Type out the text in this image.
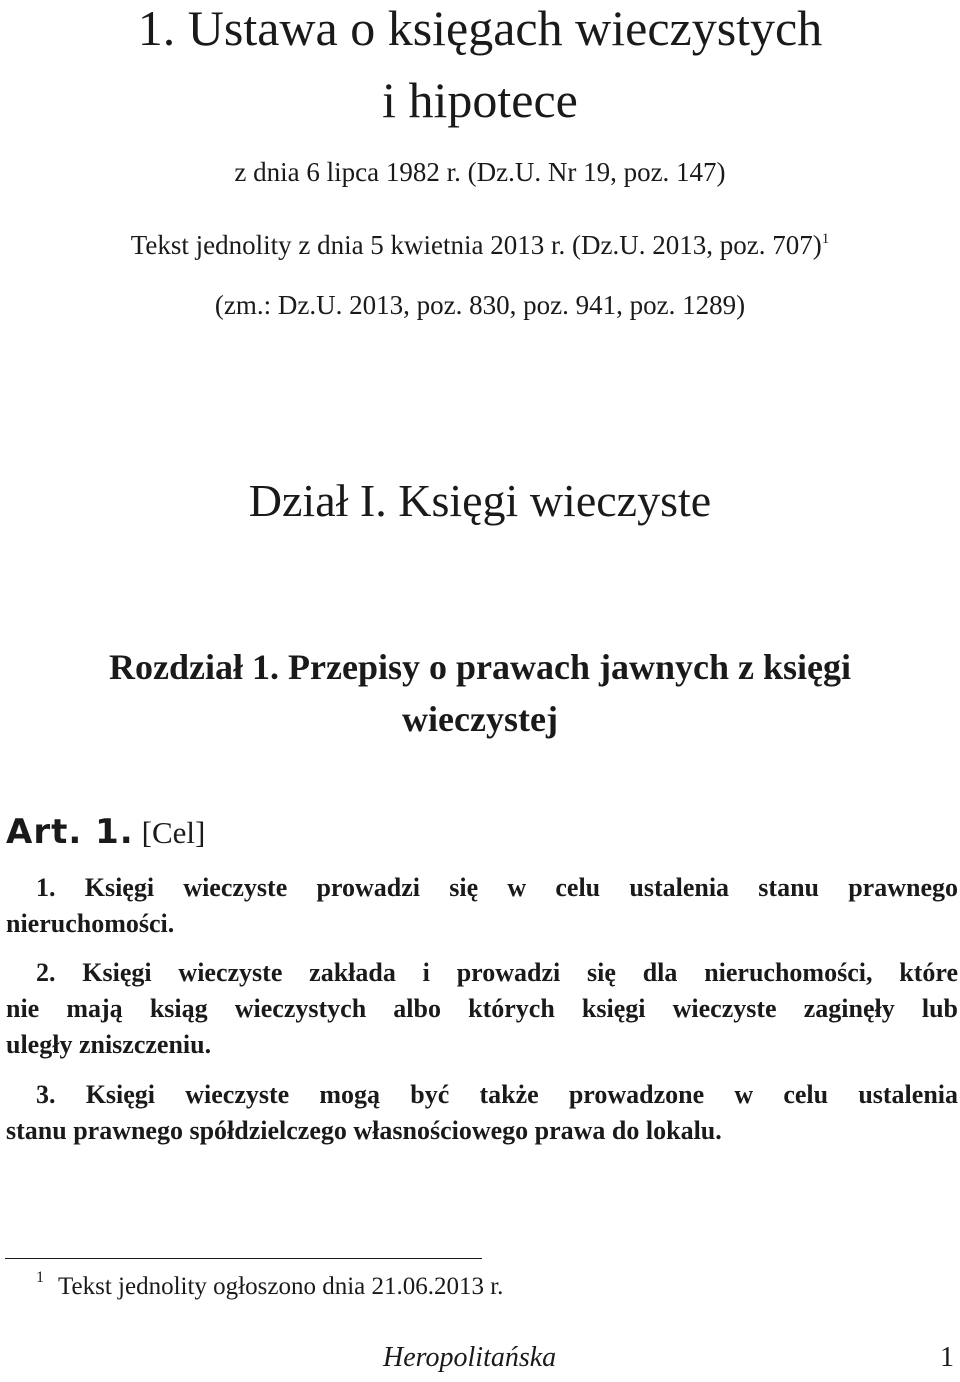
1. Ustawa o księgach wieczystych
i hipotece

z dnia 6 lipca 1982 r. (Dz.U. Nr 19, poz. 147)

Tekst jednolity z dnia 5 kwietnia 2013 r. (Dz.U. 2013, poz. 707)$^1$

(zm.: Dz.U. 2013, poz. 830, poz. 941, poz. 1289)

Dział I. Księgi wieczyste
Rozdział 1. Przepisy o prawach jawnych z księgi
wieczystej

Art. 1. [Cel]

1. Księgi wieczyste prowadzi się w celu ustalenia stanu prawnego
nieruchomości.

2. Księgi wieczyste zakłada i prowadzi się dla nieruchomości, które
nie mają ksiąg wieczystych albo których księgi wieczyste zaginęły lub
uległy zniszczeniu.

3. Księgi wieczyste mogą być także prowadzone w celu ustalenia
stanu prawnego spółdzielczego własnościowego prawa do lokalu.

$^1$ Tekst jednolity ogłoszono dnia 21.06.2013 r.

Heropolitańska	1
